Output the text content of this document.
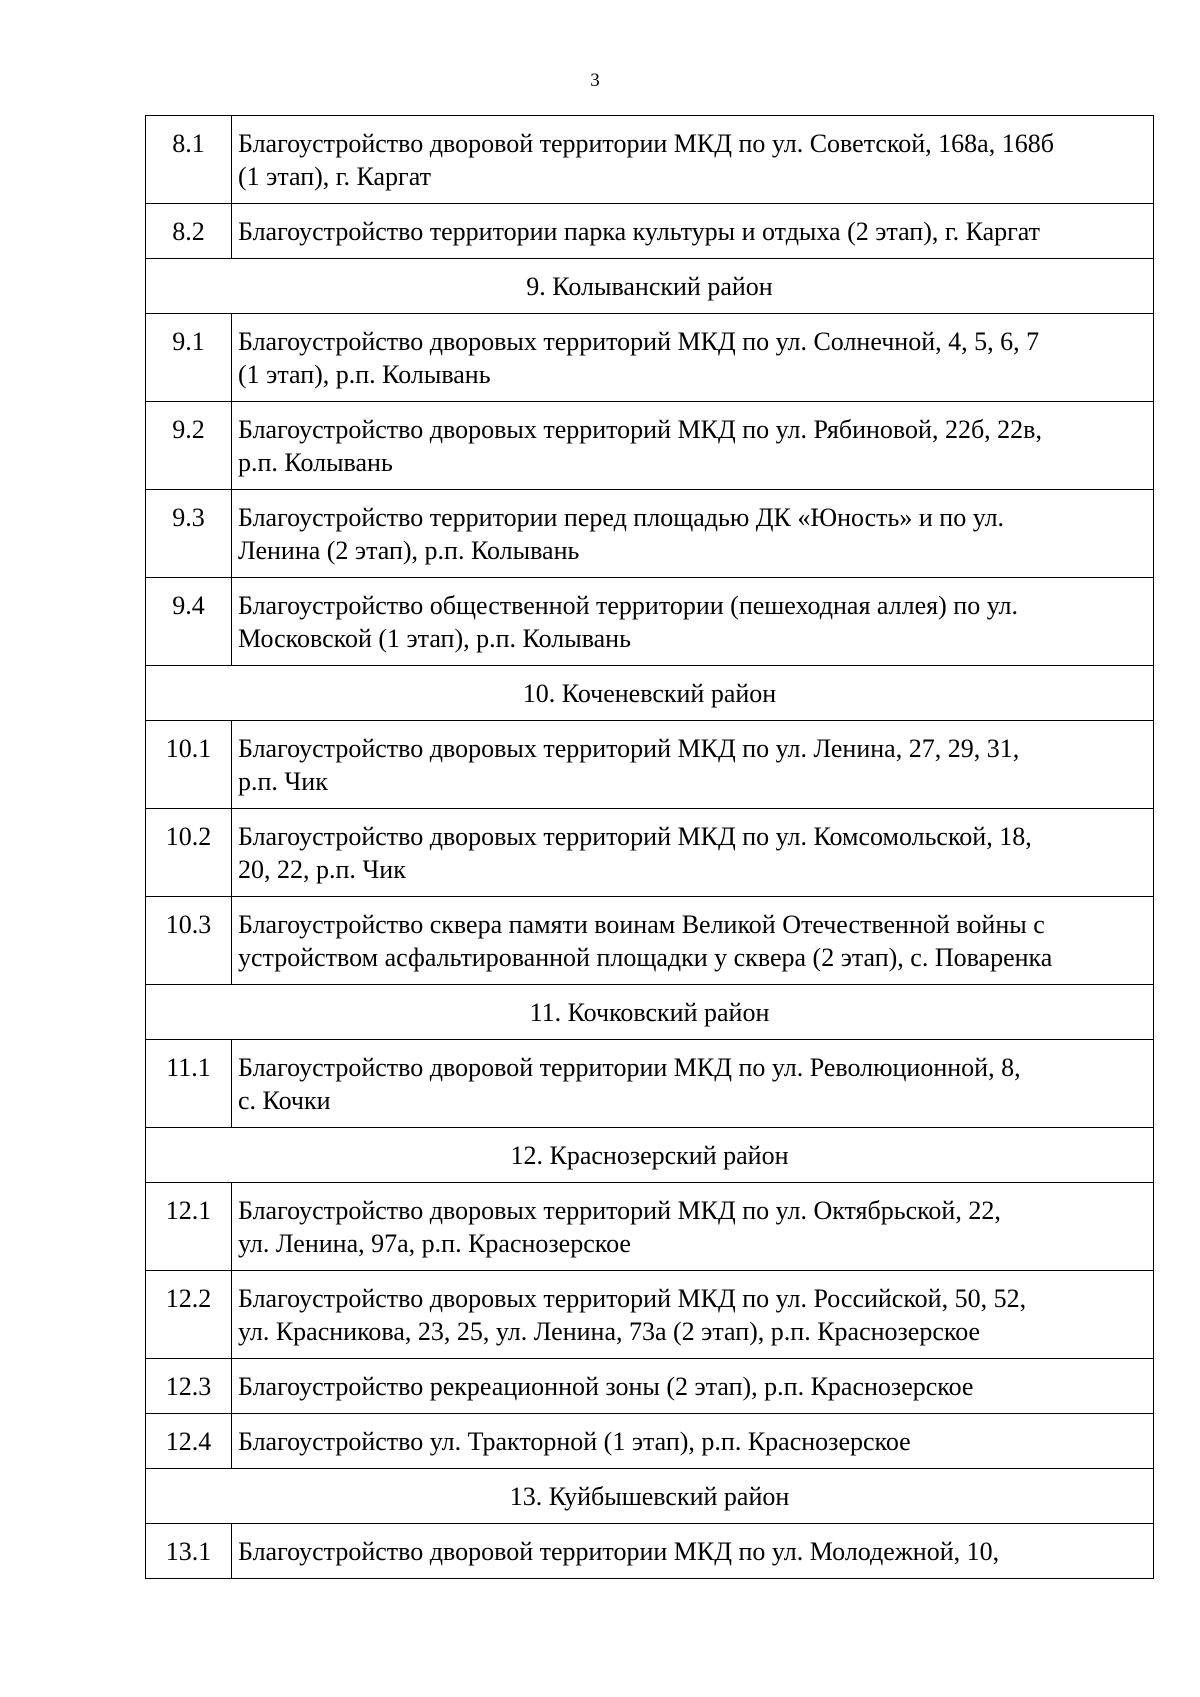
3
8.1	Благоустройство дворовой территории МКД по ул. Советской, 168а, 168б
(1 этап), г. Каргат

8.2	Благоустройство территории парка культуры и отдыха (2 этап), г. Каргат

9. Колыванский район	
9.1	Благоустройство дворовых территорий МКД по ул. Солнечной, 4, 5, 6, 7
(1 этап), р.п. Колывань

9.2	Благоустройство дворовых территорий МКД по ул. Рябиновой, 22б, 22в,
р.п. Колывань

9.3	Благоустройство территории перед площадью ДК «Юность» и по ул.
Ленина (2 этап), р.п. Колывань

9.4	Благоустройство общественной территории (пешеходная аллея) по ул.
Московской (1 этап), р.п. Колывань

10. Коченевский район	
10.1	Благоустройство дворовых территорий МКД по ул. Ленина, 27, 29, 31,
р.п. Чик

10.2	Благоустройство дворовых территорий МКД по ул. Комсомольской, 18,
20, 22, р.п. Чик

10.3	Благоустройство сквера памяти воинам Великой Отечественной войны с
устройством асфальтированной площадки у сквера (2 этап), с. Поваренка

11. Кочковский район	
11.1	Благоустройство дворовой территории МКД по ул. Революционной, 8,
с. Кочки

12. Краснозерский район	
12.1	Благоустройство дворовых территорий МКД по ул. Октябрьской, 22,
ул. Ленина, 97а, р.п. Краснозерское

12.2	Благоустройство дворовых территорий МКД по ул. Российской, 50, 52,
ул. Красникова, 23, 25, ул. Ленина, 73а (2 этап), р.п. Краснозерское

12.3	Благоустройство рекреационной зоны (2 этап), р.п. Краснозерское

12.4	Благоустройство ул. Тракторной (1 этап), р.п. Краснозерское

13. Куйбышевский район	
13.1	Благоустройство дворовой территории МКД по ул. Молодежной, 10,
